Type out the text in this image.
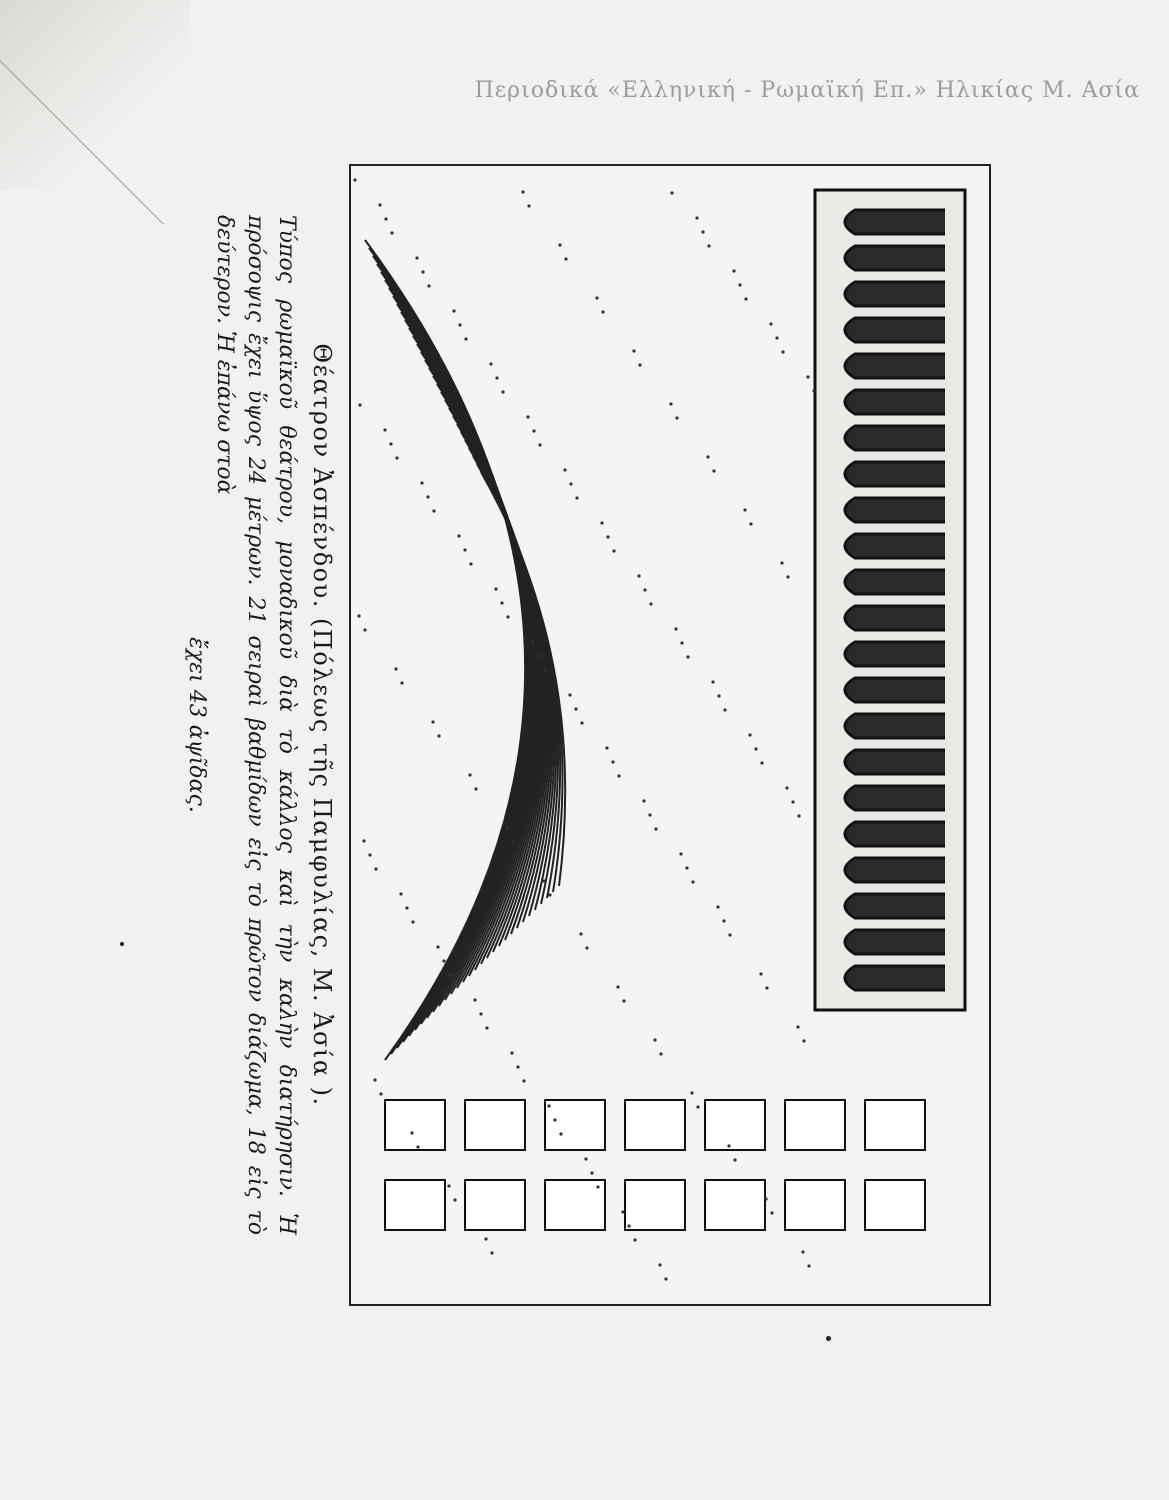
Περιοδικά «Ελληνική - Ρωμαϊκή Επ.» Ηλικίας Μ. Ασία
Θέατρον Ἀσπένδου. (Πόλεως τῆς Παμφυλίας, Μ. Ἀσία ).
Τύπος ρωμαϊκοῦ θεάτρου, μοναδικοῦ διὰ τὸ κάλλος καὶ τὴν καλὴν διατήρησιν. Ἡ πρόσοψις ἔχει ὕψος 24 μέτρων. 21 σειραὶ βαθμίδων εἰς τὸ πρῶτον διάζωμα, 18 εἰς τὸ δεύτερον. Ἡ ἐπάνω στοὰ
ἔχει 43 ἀψῖδας.
